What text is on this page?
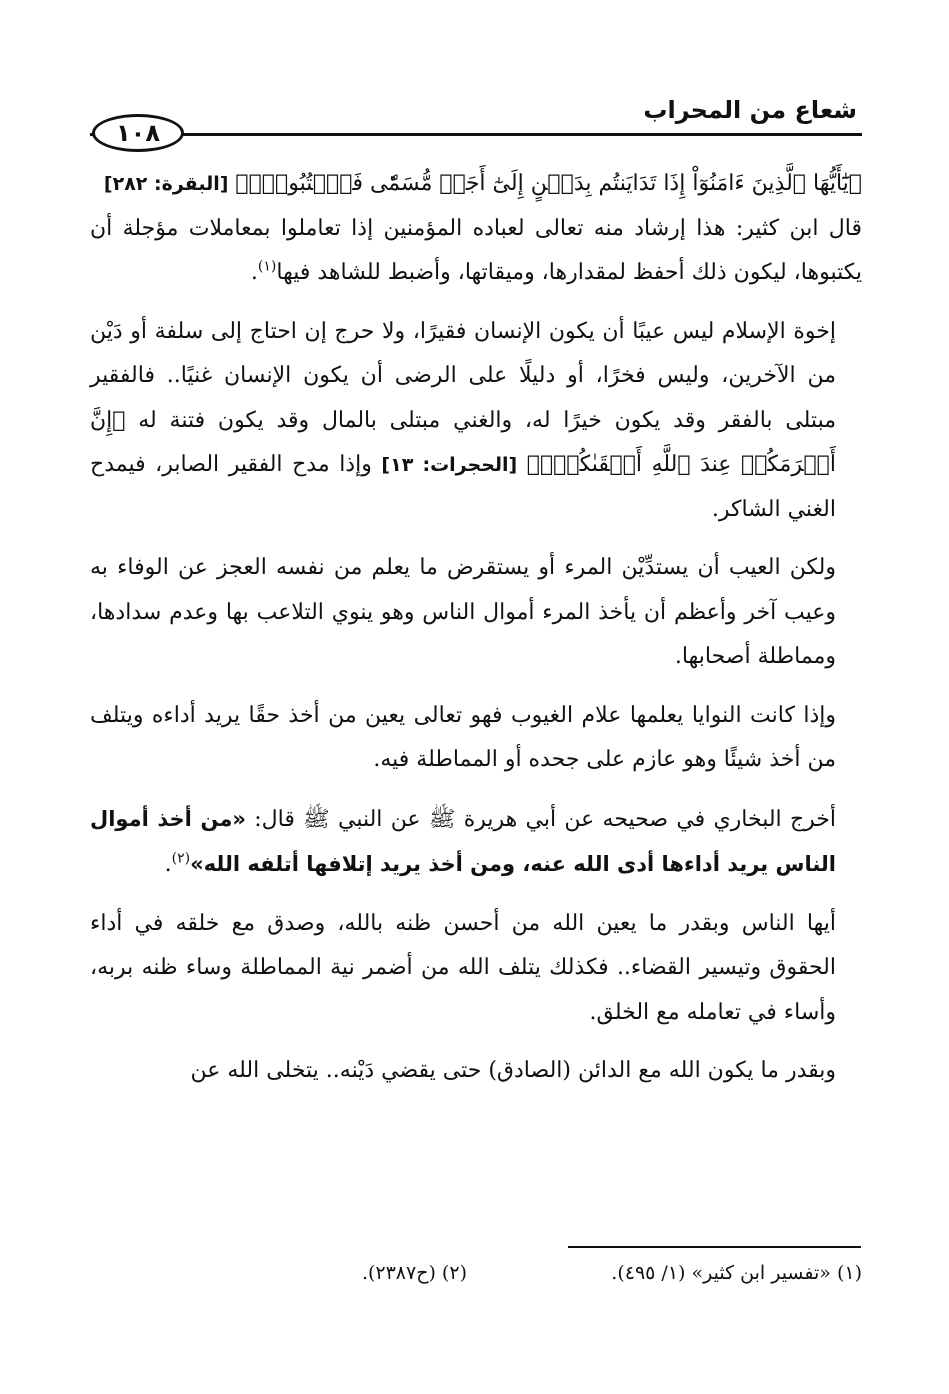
شعاع من المحراب
١٠٨

﴿يَٰٓأَيُّهَا ٱلَّذِينَ ءَامَنُوٓاْ إِذَا تَدَايَنتُم بِدَيۡنٍ إِلَىٰٓ أَجَلٖ مُّسَمّٗى فَٱكۡتُبُوهُۚ﴾ [البقرة: ٢٨٢]

قال ابن كثير: هذا إرشاد منه تعالى لعباده المؤمنين إذا تعاملوا بمعاملات مؤجلة أن يكتبوها، ليكون ذلك أحفظ لمقدارها، وميقاتها، وأضبط للشاهد فيها$^{(١)}$.

إخوة الإسلام ليس عيبًا أن يكون الإنسان فقيرًا، ولا حرج إن احتاج إلى سلفة أو دَيْن من الآخرين، وليس فخرًا، أو دليلًا على الرضى أن يكون الإنسان غنيًا.. فالفقير مبتلى بالفقر وقد يكون خيرًا له، والغني مبتلى بالمال وقد يكون فتنة له ﴿إِنَّ أَكۡرَمَكُمۡ عِندَ ٱللَّهِ أَتۡقَىٰكُمۡۚ﴾ [الحجرات: ١٣] وإذا مدح الفقير الصابر، فيمدح الغني الشاكر.

ولكن العيب أن يستدِّيْن المرء أو يستقرض ما يعلم من نفسه العجز عن الوفاء به وعيب آخر وأعظم أن يأخذ المرء أموال الناس وهو ينوي التلاعب بها وعدم سدادها، ومماطلة أصحابها.

وإذا كانت النوايا يعلمها علام الغيوب فهو تعالى يعين من أخذ حقًا يريد أداءه ويتلف من أخذ شيئًا وهو عازم على جحده أو المماطلة فيه.

أخرج البخاري في صحيحه عن أبي هريرة ﷺ عن النبي ﷺ قال: «من أخذ أموال الناس يريد أداءها أدى الله عنه، ومن أخذ يريد إتلافها أتلفه الله»$^{(٢)}$.

أيها الناس وبقدر ما يعين الله من أحسن ظنه بالله، وصدق مع خلقه في أداء الحقوق وتيسير القضاء.. فكذلك يتلف الله من أضمر نية المماطلة وساء ظنه بربه، وأساء في تعامله مع الخلق.

وبقدر ما يكون الله مع الدائن (الصادق) حتى يقضي دَيْنه.. يتخلى الله عن

(١) «تفسير ابن كثير» (١/ ٤٩٥).
(٢) (ح٢٣٨٧).
